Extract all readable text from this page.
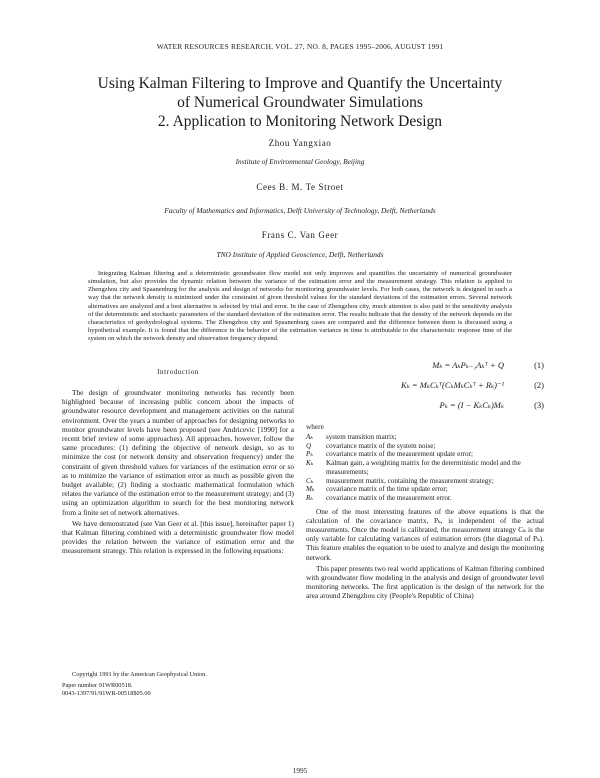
WATER RESOURCES RESEARCH, VOL. 27, NO. 8, PAGES 1995–2006, AUGUST 1991
Using Kalman Filtering to Improve and Quantify the Uncertainty
of Numerical Groundwater Simulations
2. Application to Monitoring Network Design
Zhou Yangxiao
Institute of Environmental Geology, Beijing
Cees B. M. Te Stroet
Faculty of Mathematics and Informatics, Delft University of Technology, Delft, Netherlands
Frans C. Van Geer
TNO Institute of Applied Geoscience, Delft, Netherlands
Integrating Kalman filtering and a deterministic groundwater flow model not only improves and quantifies the uncertainty of numerical groundwater simulation, but also provides the dynamic relation between the variance of the estimation error and the measurement strategy. This relation is applied to Zhengzhou city and Spaanenburg for the analysis and design of networks for monitoring groundwater levels. For both cases, the network is designed in such a way that the network density is minimized under the constraint of given threshold values for the standard deviations of the estimation errors. Several network alternatives are analyzed and a best alternative is selected by trial and error. In the case of Zhengzhou city, much attention is also paid to the sensitivity analysis of the deterministic and stochastic parameters of the standard deviation of the estimation error. The results indicate that the density of the network depends on the characteristics of geohydrological systems. The Zhengzhou city and Spaanenburg cases are compared and the difference between them is discussed using a hypothetical example. It is found that the difference in the behavior of the estimation variance in time is attributable to the characteristic response time of the system on which the network density and observation frequency depend.
Introduction

The design of groundwater monitoring networks has recently been highlighted because of increasing public concern about the impacts of groundwater resource development and management activities on the natural environment. Over the years a number of approaches for designing networks to monitor groundwater levels have been proposed (see Andricevic [1990] for a recent brief review of some approaches). All approaches, however, follow the same procedures: (1) defining the objective of network design, so as to minimize the cost (or network density and observation frequency) under the constraint of given threshold values for variances of the estimation error or so as to minimize the variance of estimation error as much as possible given the budget available; (2) finding a stochastic mathematical formulation which relates the variance of the estimation error to the measurement strategy; and (3) using an optimization algorithm to search for the best monitoring network from a finite set of network alternatives.

We have demonstrated (see Van Geer et al. [this issue], hereinafter paper 1) that Kalman filtering combined with a deterministic groundwater flow model provides the relation between the variance of estimation error and the measurement strategy. This relation is expressed in the following equations:

Copyright 1991 by the American Geophysical Union.
Paper number 91WR00518.
0043-1397/91/91WR-00518$05.00
Mₖ = AₖPₖ₋₁Aₖᵀ + Q	(1)
Kₖ = MₖCₖᵀ(CₖMₖCₖᵀ + Rₖ)⁻¹	(2)
Pₖ = (I − KₖCₖ)Mₖ	(3)
where
Aₖ	system transition matrix;
Q	covariance matrix of the system noise;
Pₖ	covariance matrix of the measurement update error;
Kₖ	Kalman gain, a weighting matrix for the deterministic model and the measurements;
Cₖ	measurement matrix, containing the measurement strategy;
Mₖ	covariance matrix of the time update error;
Rₖ	covariance matrix of the measurement error.

One of the most interesting features of the above equations is that the calculation of the covariance matrix, Pₖ, is independent of the actual measurements. Once the model is calibrated, the measurement strategy Cₖ is the only variable for calculating variances of estimation errors (the diagonal of Pₖ). This feature enables the equation to be used to analyze and design the monitoring network.

This paper presents two real world applications of Kalman filtering combined with groundwater flow modeling in the analysis and design of groundwater level monitoring networks. The first application is the design of the network for the area around Zhengzhou city (People's Republic of China)

1995
